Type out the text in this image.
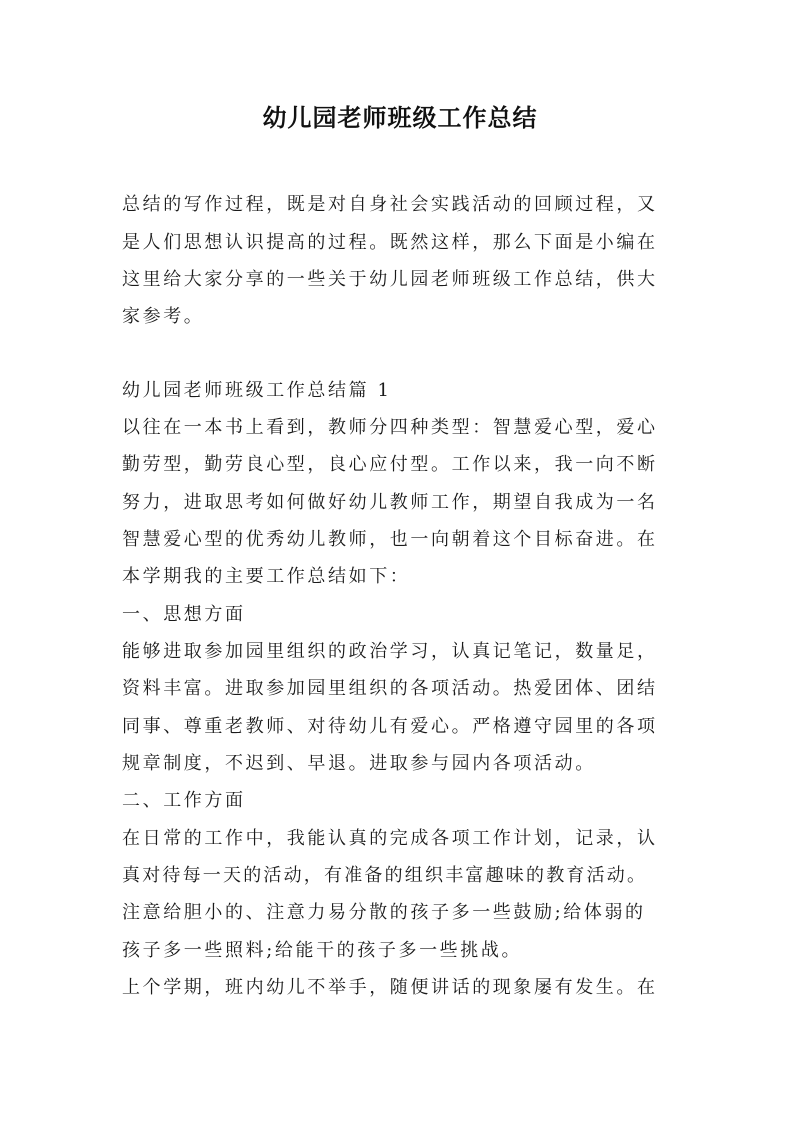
幼儿园老师班级工作总结
总结的写作过程，既是对自身社会实践活动的回顾过程，又
是人们思想认识提高的过程。既然这样，那么下面是小编在
这里给大家分享的一些关于幼儿园老师班级工作总结，供大
家参考。
幼儿园老师班级工作总结篇 1
以往在一本书上看到，教师分四种类型：智慧爱心型，爱心
勤劳型，勤劳良心型，良心应付型。工作以来，我一向不断
努力，进取思考如何做好幼儿教师工作，期望自我成为一名
智慧爱心型的优秀幼儿教师，也一向朝着这个目标奋进。在
本学期我的主要工作总结如下：
一、思想方面
能够进取参加园里组织的政治学习，认真记笔记，数量足，
资料丰富。进取参加园里组织的各项活动。热爱团体、团结
同事、尊重老教师、对待幼儿有爱心。严格遵守园里的各项
规章制度，不迟到、早退。进取参与园内各项活动。
二、工作方面
在日常的工作中，我能认真的完成各项工作计划，记录，认
真对待每一天的活动，有准备的组织丰富趣味的教育活动。
注意给胆小的、注意力易分散的孩子多一些鼓励;给体弱的
孩子多一些照料;给能干的孩子多一些挑战。
上个学期，班内幼儿不举手，随便讲话的现象屡有发生。在
